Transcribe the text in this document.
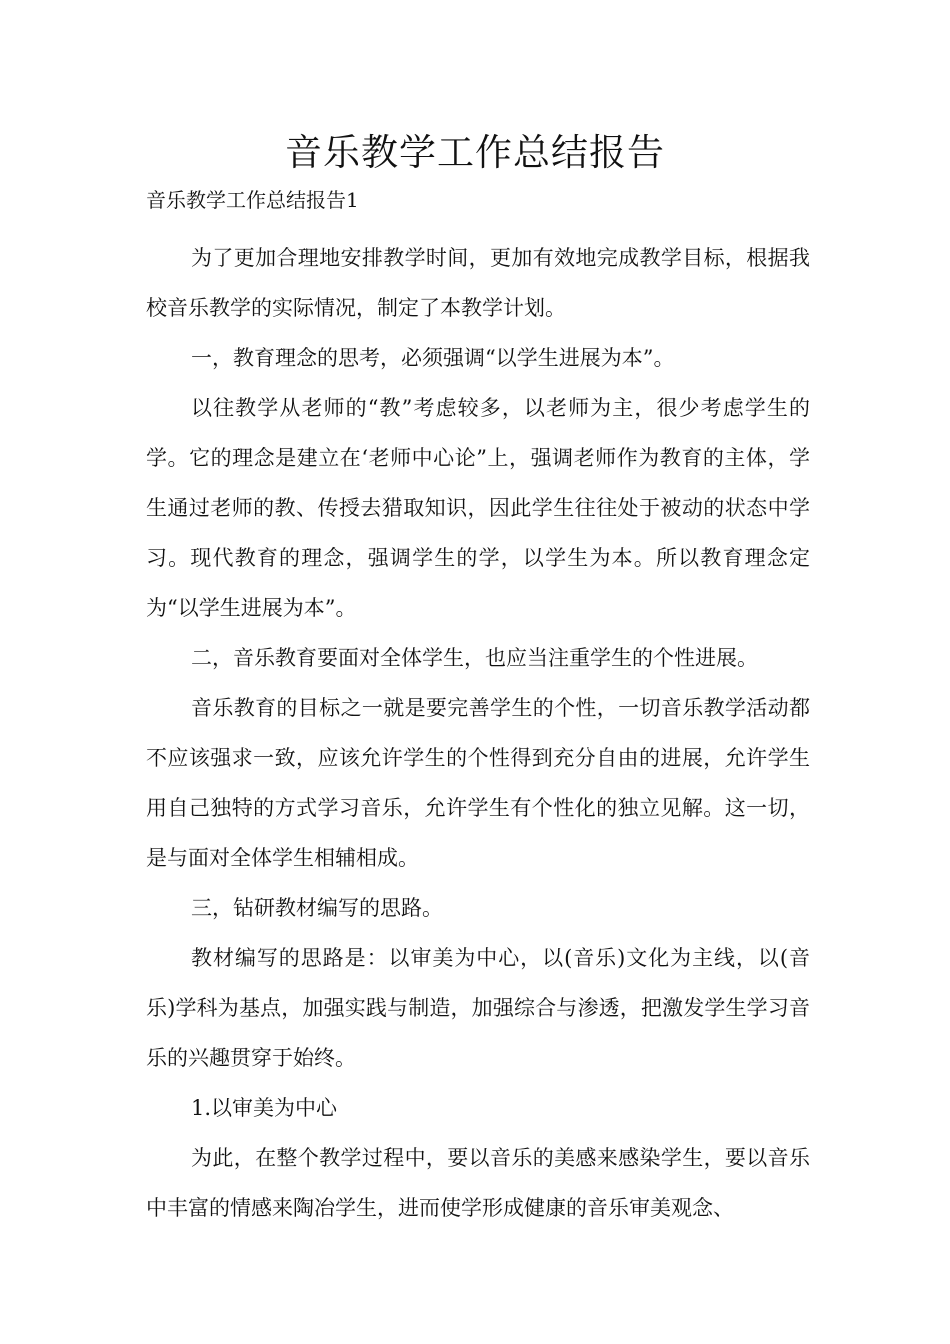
音乐教学工作总结报告
音乐教学工作总结报告1

为了更加合理地安排教学时间，更加有效地完成教学目标，根据我校音乐教学的实际情况，制定了本教学计划。

一，教育理念的思考，必须强调“以学生进展为本”。

以往教学从老师的“教”考虑较多，以老师为主，很少考虑学生的学。它的理念是建立在‘老师中心论”上，强调老师作为教育的主体，学生通过老师的教、传授去猎取知识，因此学生往往处于被动的状态中学习。现代教育的理念，强调学生的学，以学生为本。所以教育理念定为“以学生进展为本”。

二，音乐教育要面对全体学生，也应当注重学生的个性进展。

音乐教育的目标之一就是要完善学生的个性，一切音乐教学活动都不应该强求一致，应该允许学生的个性得到充分自由的进展，允许学生用自己独特的方式学习音乐，允许学生有个性化的独立见解。这一切，是与面对全体学生相辅相成。

三，钻研教材编写的思路。

教材编写的思路是：以审美为中心，以(音乐)文化为主线，以(音乐)学科为基点，加强实践与制造，加强综合与渗透，把激发学生学习音乐的兴趣贯穿于始终。

1.以审美为中心

为此，在整个教学过程中，要以音乐的美感来感染学生，要以音乐中丰富的情感来陶冶学生，进而使学形成健康的音乐审美观念、
